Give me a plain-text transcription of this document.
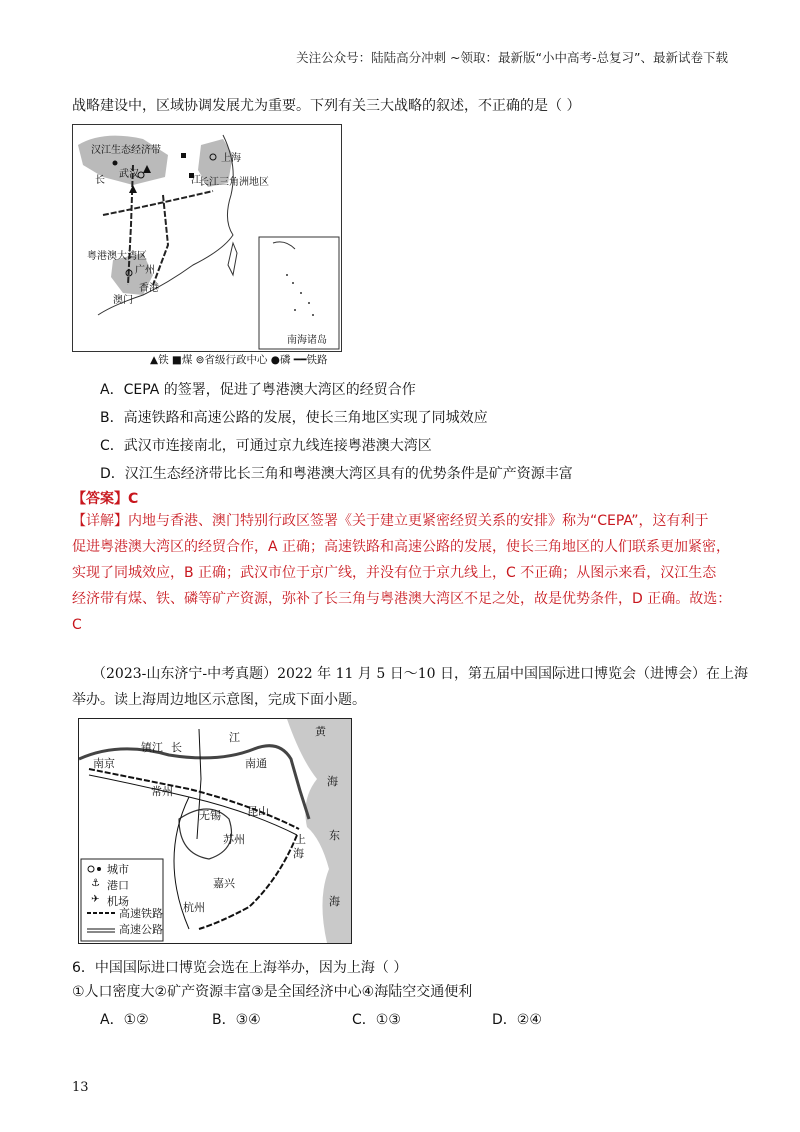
关注公众号：陆陆高分冲刺 ~领取：最新版“小中高考-总复习”、最新试卷下载
战略建设中，区域协调发展尤为重要。下列有关三大战略的叙述，不正确的是（ ）
汉江生态经济带
武汉
长	江
上海
长江三角洲地区
粤港澳大湾区
广州
香港
澳门
南海诸岛
▲铁 ■煤 ⊚省级行政中心 ●磷 ━━铁路
A．CEPA 的签署，促进了粤港澳大湾区的经贸合作
B．高速铁路和高速公路的发展，使长三角地区实现了同城效应
C．武汉市连接南北，可通过京九线连接粤港澳大湾区
D．汉江生态经济带比长三角和粤港澳大湾区具有的优势条件是矿产资源丰富
【答案】C

【详解】内地与香港、澳门特别行政区签署《关于建立更紧密经贸关系的安排》称为“CEPA”，这有利于

促进粤港澳大湾区的经贸合作，A 正确；高速铁路和高速公路的发展，使长三角地区的人们联系更加紧密，

实现了同城效应，B 正确；武汉市位于京广线，并没有位于京九线上，C 不正确；从图示来看，汉江生态

经济带有煤、铁、磷等矿产资源，弥补了长三角与粤港澳大湾区不足之处，故是优势条件，D 正确。故选：

C

（2023-山东济宁-中考真题）2022 年 11 月 5 日～10 日，第五届中国国际进口博览会（进博会）在上海
举办。读上海周边地区示意图，完成下面小题。
⚓
✈
城市
港口
机场
高速铁路
高速公路
镇江 长
江	黄
南京	南通
海
常州
无锡 昆山
东
苏州	上
海
嘉兴
杭州	海
6．中国国际进口博览会选在上海举办，因为上海（ ）
①人口密度大②矿产资源丰富③是全国经济中心④海陆空交通便利
A．①②	B．③④	C．①③	D．②④
13
